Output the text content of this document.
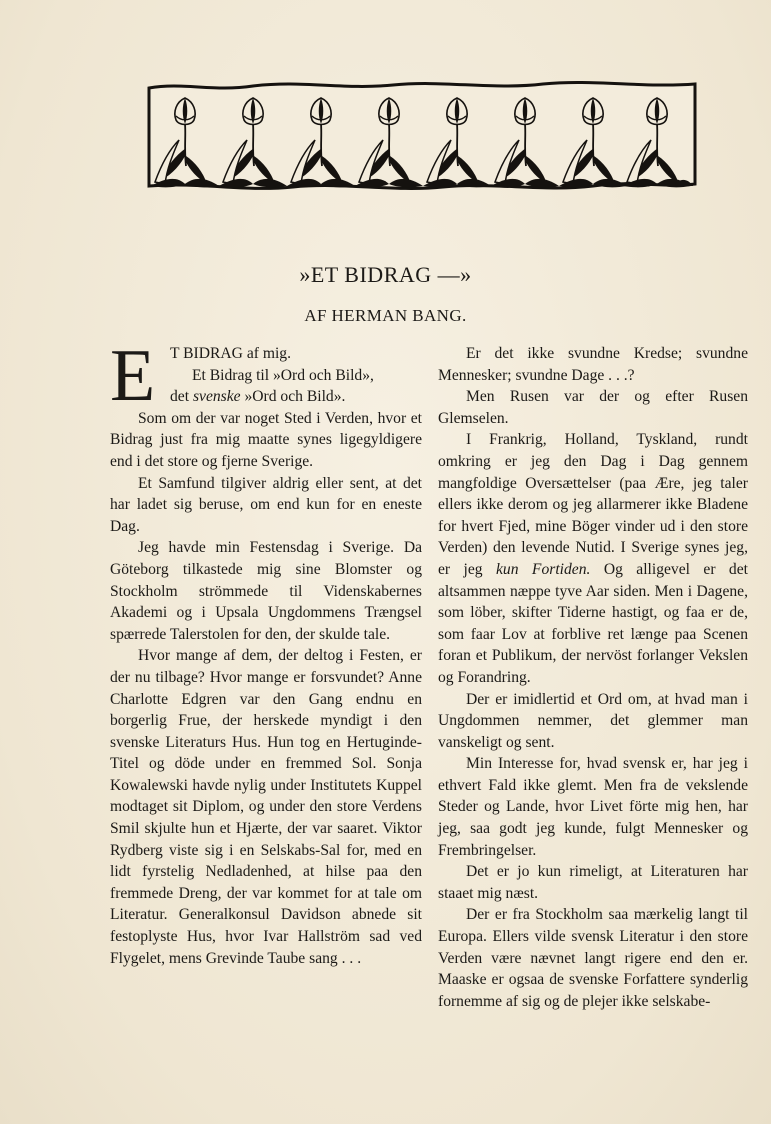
»ET BIDRAG —»
AF HERMAN BANG.
E T BIDRAG af mig.

Et Bidrag til »Ord och Bild»,

det svenske »Ord och Bild».

Som om der var noget Sted i Verden, hvor et Bidrag just fra mig maatte synes ligegyldigere end i det store og fjerne Sverige.

Et Samfund tilgiver aldrig eller sent, at det har ladet sig beruse, om end kun for en eneste Dag.

Jeg havde min Festensdag i Sverige. Da Göteborg tilkastede mig sine Blomster og Stockholm strömmede til Videnskabernes Akademi og i Upsala Ungdommens Trængsel spærrede Talerstolen for den, der skulde tale.

Hvor mange af dem, der deltog i Festen, er der nu tilbage? Hvor mange er forsvundet? Anne Charlotte Edgren var den Gang endnu en borgerlig Frue, der herskede myndigt i den svenske Literaturs Hus. Hun tog en Hertuginde-Titel og döde under en fremmed Sol. Sonja Kowalewski havde nylig under Institutets Kuppel modtaget sit Diplom, og under den store Verdens Smil skjulte hun et Hjærte, der var saaret. Viktor Rydberg viste sig i en Selskabs-Sal for, med en lidt fyrstelig Nedladenhed, at hilse paa den fremmede Dreng, der var kommet for at tale om Literatur. Generalkonsul Davidson abnede sit festoplyste Hus, hvor Ivar Hallström sad ved Flygelet, mens Grevinde Taube sang . . .

Er det ikke svundne Kredse; svundne Mennesker; svundne Dage . . .?

Men Rusen var der og efter Rusen Glemselen.

I Frankrig, Holland, Tyskland, rundt omkring er jeg den Dag i Dag gennem mangfoldige Oversættelser (paa Ære, jeg taler ellers ikke derom og jeg allarmerer ikke Bladene for hvert Fjed, mine Böger vinder ud i den store Verden) den levende Nutid. I Sverige synes jeg, er jeg kun Fortiden. Og alligevel er det altsammen næppe tyve Aar siden. Men i Dagene, som löber, skifter Tiderne hastigt, og faa er de, som faar Lov at forblive ret længe paa Scenen foran et Publikum, der nervöst forlanger Vekslen og Forandring.

Der er imidlertid et Ord om, at hvad man i Ungdommen nemmer, det glemmer man vanskeligt og sent.

Min Interesse for, hvad svensk er, har jeg i ethvert Fald ikke glemt. Men fra de vekslende Steder og Lande, hvor Livet förte mig hen, har jeg, saa godt jeg kunde, fulgt Mennesker og Frembringelser.

Det er jo kun rimeligt, at Literaturen har staaet mig næst.

Der er fra Stockholm saa mærkelig langt til Europa. Ellers vilde svensk Literatur i den store Verden være nævnet langt rigere end den er. Maaske er ogsaa de svenske Forfattere synderlig fornemme af sig og de plejer ikke selskabe-
